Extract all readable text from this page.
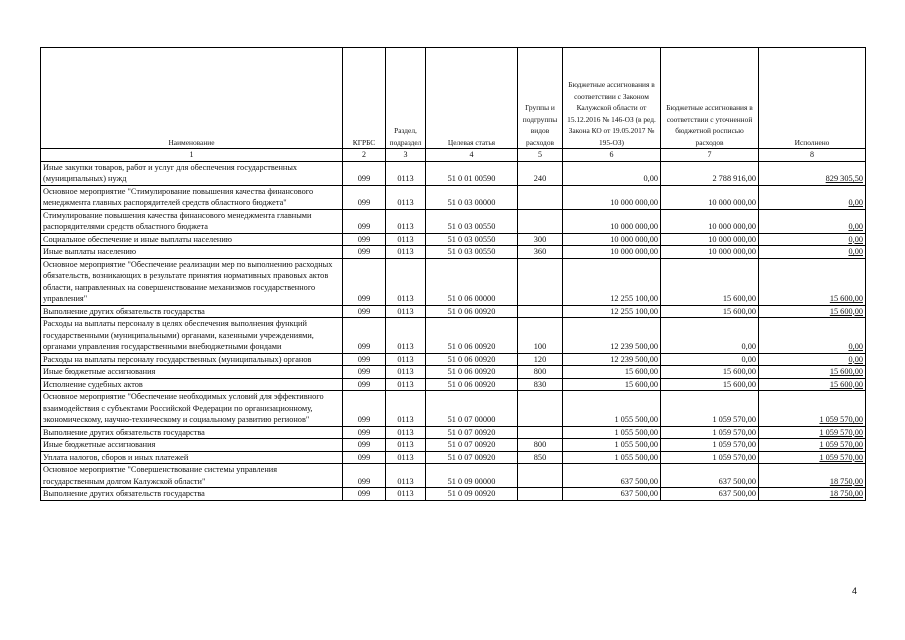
Наименование	КГРБС	Раздел, подраздел	Целевая статья	Группы и подгруппы видов расходов	Бюджетные ассигнования в соответствии с Законом Калужской области от 15.12.2016 № 146-ОЗ (в ред. Закона КО от 19.05.2017 № 195-ОЗ)	Бюджетные ассигнования в соответствии с уточненной бюджетной росписью расходов	Исполнено
1	2	3	4	5	6	7	8
Иные закупки товаров, работ и услуг для обеспечения государственных (муниципальных) нужд	099	0113	51 0 01 00590	240	0,00	2 788 916,00	829 305,50
Основное мероприятие "Стимулирование повышения качества финансового менеджмента главных распорядителей средств областного бюджета"	099	0113	51 0 03 00000		10 000 000,00	10 000 000,00	0,00
Стимулирование повышения качества финансового менеджмента главными распорядителями средств областного бюджета	099	0113	51 0 03 00550		10 000 000,00	10 000 000,00	0,00
Социальное обеспечение и иные выплаты населению	099	0113	51 0 03 00550	300	10 000 000,00	10 000 000,00	0,00
Иные выплаты населению	099	0113	51 0 03 00550	360	10 000 000,00	10 000 000,00	0,00
Основное мероприятие "Обеспечение реализации мер по выполнению расходных обязательств, возникающих в результате принятия нормативных правовых актов области, направленных на совершенствование механизмов государственного управления"	099	0113	51 0 06 00000		12 255 100,00	15 600,00	15 600,00
Выполнение других обязательств государства	099	0113	51 0 06 00920		12 255 100,00	15 600,00	15 600,00
Расходы на выплаты персоналу в целях обеспечения выполнения функций государственными (муниципальными) органами, казенными учреждениями, органами управления государственными внебюджетными фондами	099	0113	51 0 06 00920	100	12 239 500,00	0,00	0,00
Расходы на выплаты персоналу государственных (муниципальных) органов	099	0113	51 0 06 00920	120	12 239 500,00	0,00	0,00
Иные бюджетные ассигнования	099	0113	51 0 06 00920	800	15 600,00	15 600,00	15 600,00
Исполнение судебных актов	099	0113	51 0 06 00920	830	15 600,00	15 600,00	15 600,00
Основное мероприятие "Обеспечение необходимых условий для эффективного взаимодействия с субъектами Российской Федерации по организационному, экономическому, научно-техническому и социальному развитию регионов"	099	0113	51 0 07 00000		1 055 500,00	1 059 570,00	1 059 570,00
Выполнение других обязательств государства	099	0113	51 0 07 00920		1 055 500,00	1 059 570,00	1 059 570,00
Иные бюджетные ассигнования	099	0113	51 0 07 00920	800	1 055 500,00	1 059 570,00	1 059 570,00
Уплата налогов, сборов и иных платежей	099	0113	51 0 07 00920	850	1 055 500,00	1 059 570,00	1 059 570,00
Основное мероприятие "Совершенствование системы управления государственным долгом Калужской области"	099	0113	51 0 09 00000		637 500,00	637 500,00	18 750,00
Выполнение других обязательств государства	099	0113	51 0 09 00920		637 500,00	637 500,00	18 750,00
4
